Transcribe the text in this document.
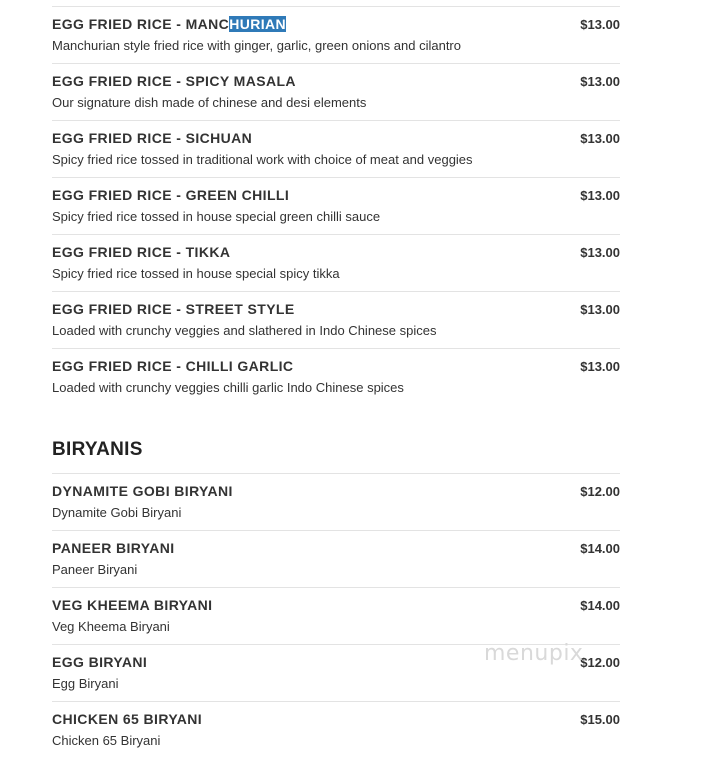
EGG FRIED RICE - MANCHURIAN
Manchurian style fried rice with ginger, garlic, green onions and cilantro
$13.00
EGG FRIED RICE - SPICY MASALA
Our signature dish made of chinese and desi elements
$13.00
EGG FRIED RICE - SICHUAN
Spicy fried rice tossed in traditional work with choice of meat and veggies
$13.00
EGG FRIED RICE - GREEN CHILLI
Spicy fried rice tossed in house special green chilli sauce
$13.00
EGG FRIED RICE - TIKKA
Spicy fried rice tossed in house special spicy tikka
$13.00
EGG FRIED RICE - STREET STYLE
Loaded with crunchy veggies and slathered in Indo Chinese spices
$13.00
EGG FRIED RICE - CHILLI GARLIC
Loaded with crunchy veggies chilli garlic Indo Chinese spices
$13.00
BIRYANIS
DYNAMITE GOBI BIRYANI
Dynamite Gobi Biryani
$12.00
PANEER BIRYANI
Paneer Biryani
$14.00
VEG KHEEMA BIRYANI
Veg Kheema Biryani
$14.00
EGG BIRYANI
Egg Biryani
$12.00
CHICKEN 65 BIRYANI
Chicken 65 Biryani
$15.00
menupix
